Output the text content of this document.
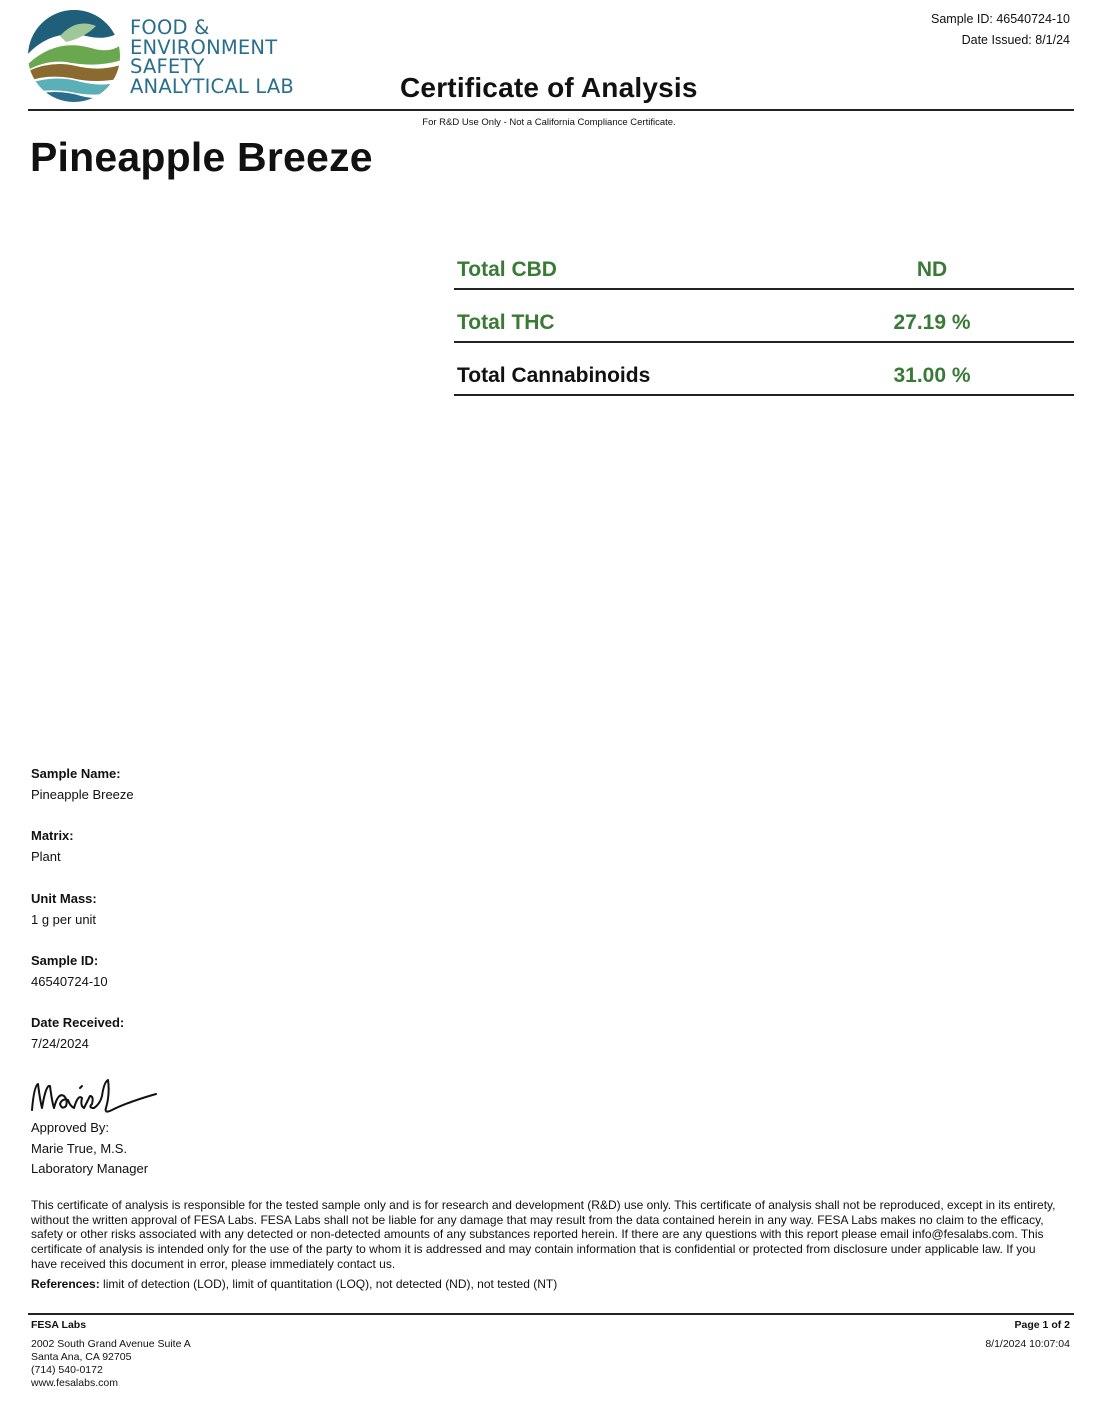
FOOD &
ENVIRONMENT
SAFETY
ANALYTICAL LAB
Sample ID: 46540724-10
Date Issued: 8/1/24
Certificate of Analysis
For R&D Use Only - Not a California Compliance Certificate.
Pineapple Breeze
Total CBD	ND
Total THC	27.19 %
Total Cannabinoids	31.00 %
Sample Name:
Pineapple Breeze
Matrix:
Plant
Unit Mass:
1 g per unit
Sample ID:
46540724-10
Date Received:
7/24/2024
Approved By:
Marie True, M.S.
Laboratory Manager
This certificate of analysis is responsible for the tested sample only and is for research and development (R&D) use only. This certificate of analysis shall not be reproduced, except in its entirety, without the written approval of FESA Labs. FESA Labs shall not be liable for any damage that may result from the data contained herein in any way. FESA Labs makes no claim to the efficacy, safety or other risks associated with any detected or non-detected amounts of any substances reported herein. If there are any questions with this report please email info@fesalabs.com. This certificate of analysis is intended only for the use of the party to whom it is addressed and may contain information that is confidential or protected from disclosure under applicable law. If you have received this document in error, please immediately contact us.
References: limit of detection (LOD), limit of quantitation (LOQ), not detected (ND), not tested (NT)
FESA Labs
2002 South Grand Avenue Suite A
Santa Ana, CA 92705
(714) 540-0172
www.fesalabs.com
Page 1 of 2
8/1/2024 10:07:04
